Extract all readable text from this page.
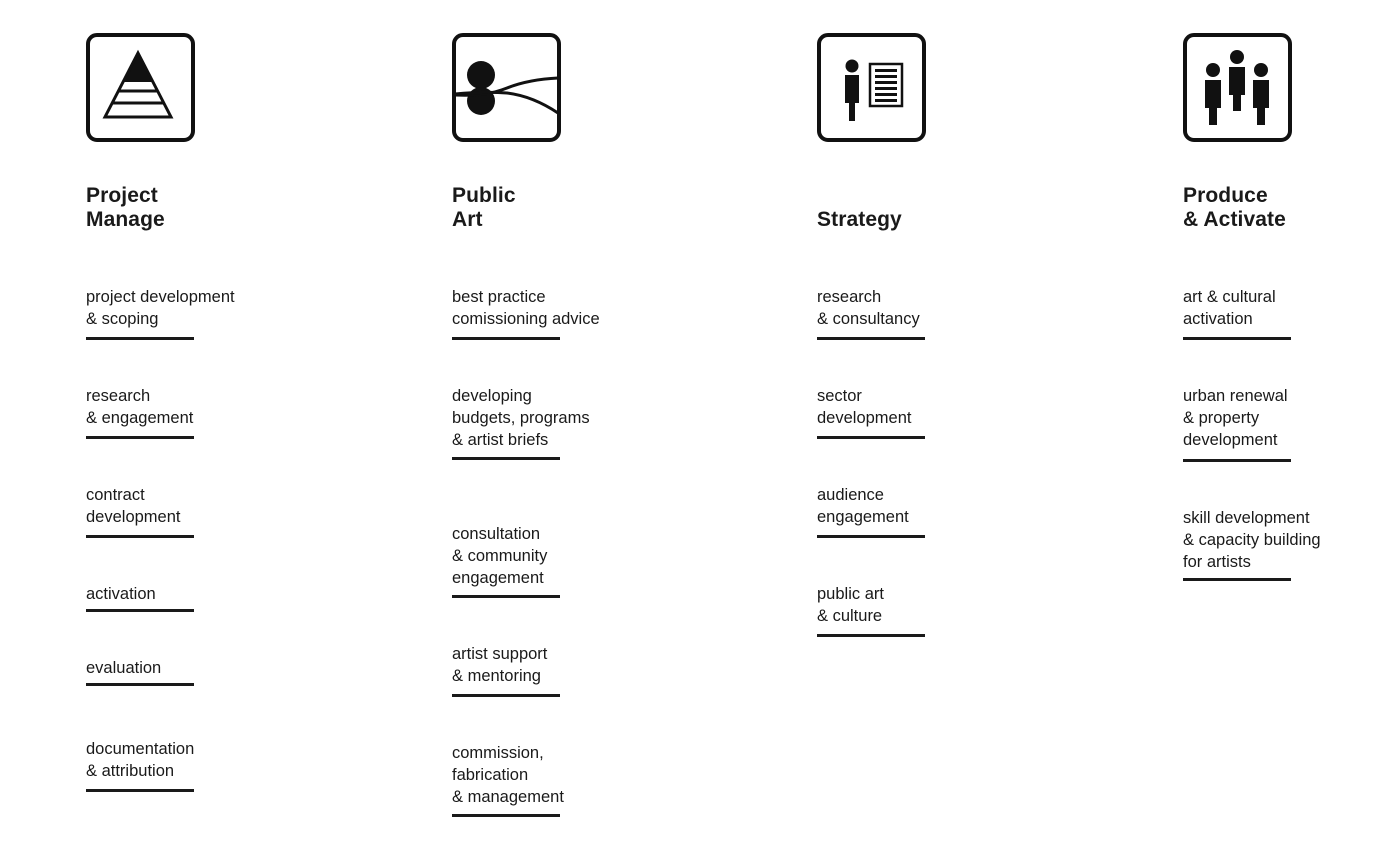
Project
Manage
project development
& scoping
research
& engagement
contract
development
activation
evaluation
documentation
& attribution
Public
Art
best practice
comissioning advice
developing
budgets, programs
& artist briefs
consultation
& community
engagement
artist support
& mentoring
commission,
fabrication
& management
Strategy
research
& consultancy
sector
development
audience
engagement
public art
& culture
Produce
& Activate
art & cultural
activation
urban renewal
& property
development
skill development
& capacity building
for artists
